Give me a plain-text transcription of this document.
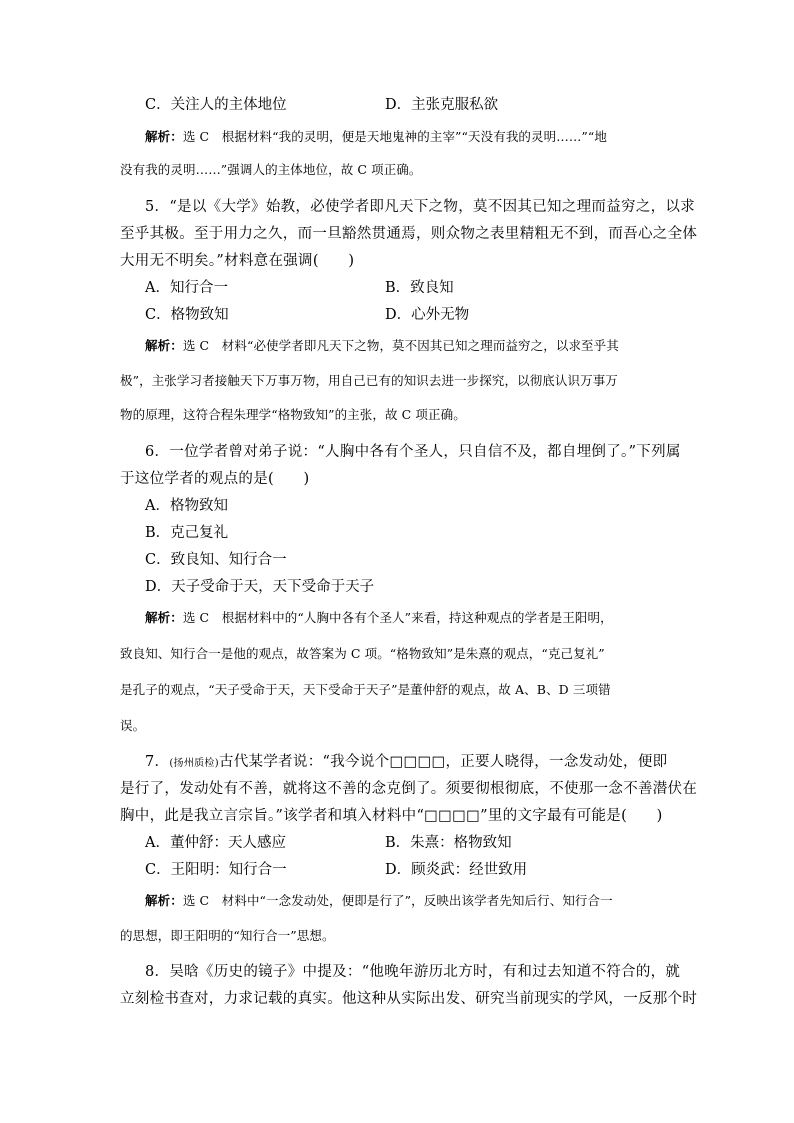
C．关注人的主体地位	D．主张克服私欲
解析：选 C　根据材料“我的灵明，便是天地鬼神的主宰”“天没有我的灵明……”“地
没有我的灵明……”强调人的主体地位，故 C 项正确。
5．“是以《大学》始教，必使学者即凡天下之物，莫不因其已知之理而益穷之，以求
至乎其极。至于用力之久，而一旦豁然贯通焉，则众物之表里精粗无不到，而吾心之全体
大用无不明矣。”材料意在强调(　　)
A．知行合一	B．致良知
C．格物致知	D．心外无物
解析：选 C　材料“必使学者即凡天下之物，莫不因其已知之理而益穷之，以求至乎其
极”，主张学习者接触天下万事万物，用自己已有的知识去进一步探究，以彻底认识万事万
物的原理，这符合程朱理学“格物致知”的主张，故 C 项正确。
6．一位学者曾对弟子说：“人胸中各有个圣人，只自信不及，都自埋倒了。”下列属
于这位学者的观点的是(　　)
A．格物致知
B．克己复礼
C．致良知、知行合一
D．天子受命于天，天下受命于天子
解析：选 C　根据材料中的“人胸中各有个圣人”来看，持这种观点的学者是王阳明，
致良知、知行合一是他的观点，故答案为 C 项。“格物致知”是朱熹的观点，“克己复礼”
是孔子的观点，“天子受命于天，天下受命于天子”是董仲舒的观点，故 A、B、D 三项错
误。
7．(扬州质检)古代某学者说：“我今说个□□□□，正要人晓得，一念发动处，便即
是行了，发动处有不善，就将这不善的念克倒了。须要彻根彻底，不使那一念不善潜伏在
胸中，此是我立言宗旨。”该学者和填入材料中“□□□□”里的文字最有可能是(　　)
A．董仲舒：天人感应	B．朱熹：格物致知
C．王阳明：知行合一	D．顾炎武：经世致用
解析：选 C　材料中“一念发动处，便即是行了”，反映出该学者先知后行、知行合一
的思想，即王阳明的“知行合一”思想。
8．吴晗《历史的镜子》中提及：“他晚年游历北方时，有和过去知道不符合的，就
立刻检书查对，力求记载的真实。他这种从实际出发、研究当前现实的学风，一反那个时
